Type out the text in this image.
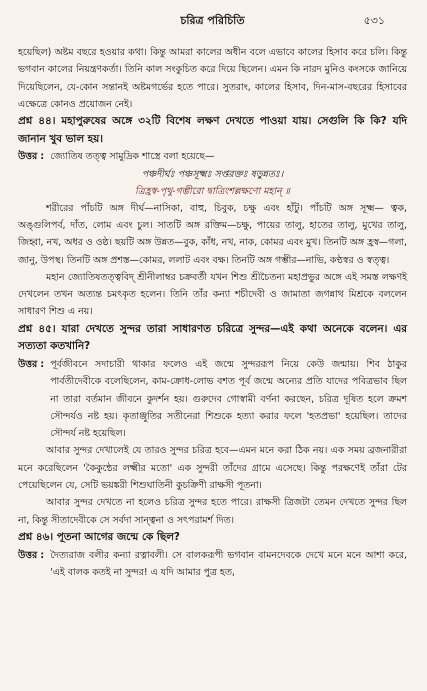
চরিত্র পরিচিতি	৫৩১

হয়েছিল) অষ্টম বছরে হওয়ার কথা। কিন্তু আমরা কালের অধীন বলে এভাবে কালের হিসাব করে চলি। কিন্তু ভগবান কালের নিয়ন্ত্রণকর্তা। তিনি কাল সংকুচিত করে দিয়ে ছিলেন। এমন কি নারদ মুনিও কংসকে জানিয়ে দিয়েছিলেন, যে-কোন সন্তানই অষ্টমগর্ভের হতে পারে। সুতরাং, কালের হিসাব, দিন-মাস-বছরের হিসাবের এক্ষেত্রে কোনও প্রয়োজন নেই।

প্রশ্ন ৪৪। মহাপুরুষের অঙ্গে ৩২টি বিশেষ লক্ষণ দেখতে পাওয়া যায়। সেগুলি কি কি? যদি জানান খুব ভাল হয়।

উত্তর : জ্যোতিষ তত্ত্ব সামুদ্রিক শাস্ত্রে বলা হয়েছে—

পঞ্চদীর্ঘঃ পঞ্চসূক্ষ্মঃ সপ্তরক্তঃ ষড়ুন্নতঃ।

ত্রিহ্রস্ব-পৃথু-গম্ভীরো দ্বাত্রিংশল্লক্ষণো মহান্ ॥

শরীরের পাঁচটি অঙ্গ দীর্ঘ—নাসিকা, বাহু, চিবুক, চক্ষু এবং হাঁটু। পাঁচটি অঙ্গ সূক্ষ্ম— ত্বক, অঙ্গুলিপর্ব, দাঁত, লোম এবং চুল। সাতটি অঙ্গ রক্তিম—চক্ষু, পায়ের তালু, হাতের তালু, মুখের তালু, জিহ্বা, নখ, অধর ও ওষ্ঠ। ছয়টি অঙ্গ উন্নত—বুক, কাঁধ, নখ, নাক, কোমর এবং মুখ। তিনটি অঙ্গ হ্রস্ব—গলা, জানু, উপস্থ। তিনটি অঙ্গ প্রশস্ত—কোমর, ললাট এবং বক্ষ। তিনটি অঙ্গ গম্ভীর—নাভি, কণ্ঠস্বর ও স্বত্ত্ব।

মহান জ্যোতিষতত্ত্ববিদ্ শ্রীনীলাম্বর চক্রবর্তী যখন শিশু শ্রীচৈতন্য মহাপ্রভুর অঙ্গে এই সমস্ত লক্ষণই দেখলেন তখন অত্যন্ত চমৎকৃত হলেন। তিনি তাঁর কন্যা শচীদেবী ও জামাতা জগন্নাথ মিশ্রকে বললেন সাধারণ শিশু এ নয়।

প্রশ্ন ৪৫। যারা দেখতে সুন্দর তারা সাধারণত চরিত্রে সুন্দর—এই কথা অনেকে বলেন। এর সত্যতা কতখানি?

উত্তর : পূর্বজীবনে সদাচারী থাকার ফলেও এই জন্মে সুন্দররূপ নিয়ে কেউ জন্মায়। শিব ঠাকুর পার্বতীদেবীকে বলেছিলেন, কাম-ক্রোধ-লোভ বশত পূর্ব জন্মে অন্যের প্রতি যাদের পবিত্রভাব ছিল না তারা বর্তমান জীবনে কুদর্শন হয়। গুরুদেব গোস্বামী বর্ণনা করছেন, চরিত্র দূষিত হলে ক্রমশ সৌন্দর্যও নষ্ট হয়। কৃতাঞ্জুতির সতীনেরা শিশুকে হত্যা করার ফলে 'হতপ্রভা' হয়েছিল। তাদের সৌন্দর্য নষ্ট হয়েছিল।

আবার সুন্দর দেখালেই যে তারও সুন্দর চরিত্র হবে—এমন মনে করা ঠিক নয়। এক সময় ব্রজনারীরা মনে করেছিলেন 'কৈকুন্ঠের লক্ষ্মীর মতো' এক সুন্দরী তাঁদের গ্রামে এসেছে। কিন্তু পরক্ষণেই তাঁরা টের পেয়েছিলেন যে, সেটি ভয়ঙ্করী শিশুঘাতিনী কুচক্রিণী রাক্ষসী পূতনা।

আবার সুন্দর দেখতে না হলেও চরিত্র সুন্দর হতে পারে। রাক্ষসী ত্রিজটা তেমন দেখতে সুন্দর ছিল না, কিন্তু সীতাদেবীকে সে সর্বদা সান্ত্বনা ও সৎপরামর্শ দিত।

প্রশ্ন ৪৬। পূতনা আগের জন্মে কে ছিল?

উত্তর : দৈত্যরাজ বলীর কন্যা রত্নাবলী। সে বালকরূপী ভগবান বামনদেবকে দেখে মনে মনে আশা করে, 'এই বালক কতই না সুন্দর! এ যদি আমার পুত্র হত,
